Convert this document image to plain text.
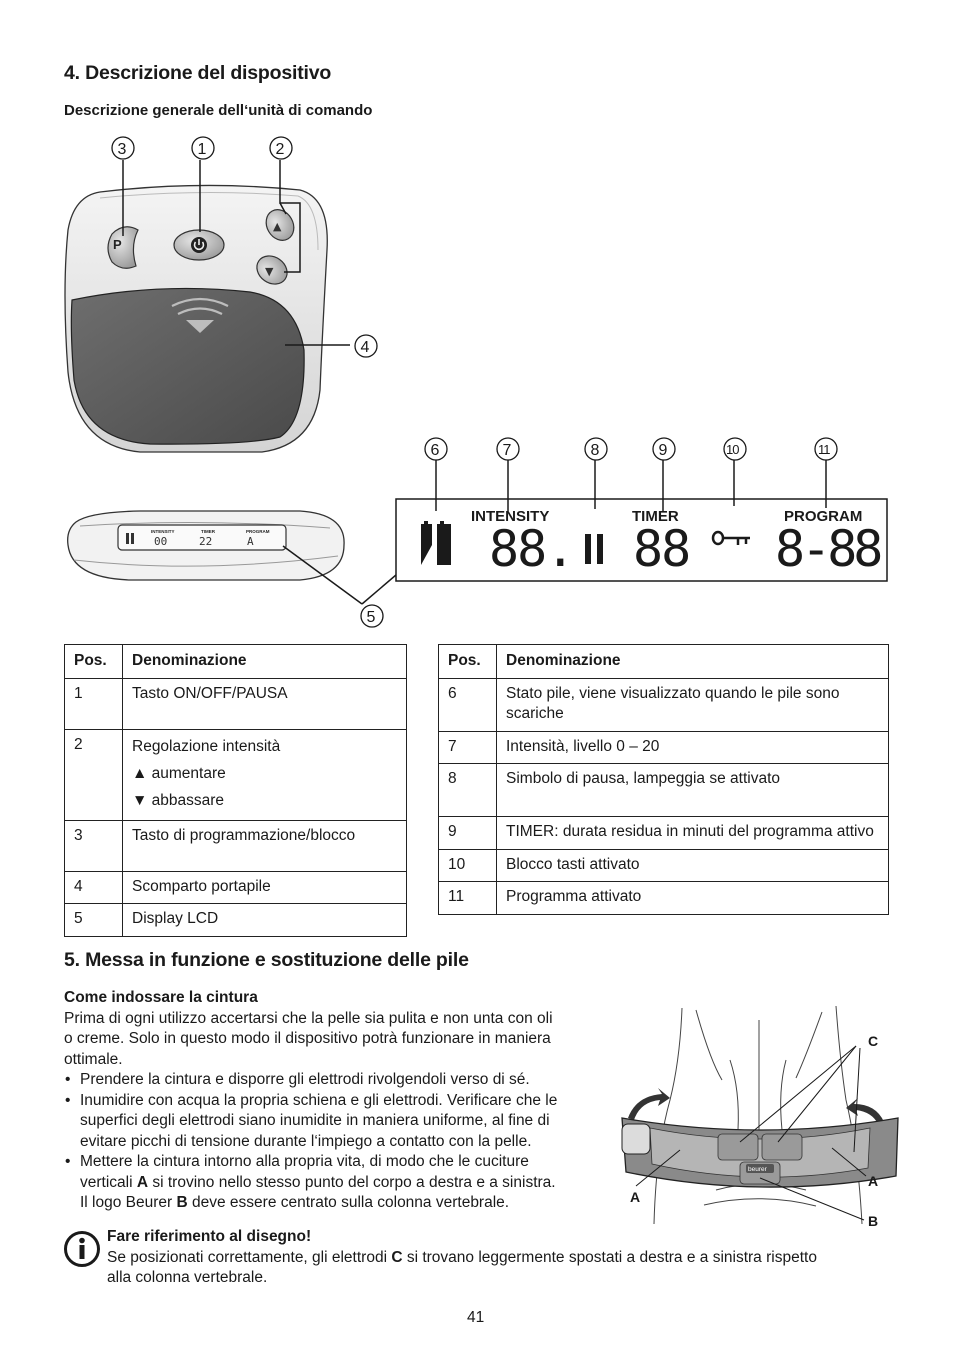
4. Descrizione del dispositivo
Descrizione generale dell‘unità di comando
P
▲
▼
3	1	2
4
INTENSITY	TIMER	PROGRAM
00	22	A
5
INTENSITY	TIMER	PROGRAM
88. 88 8-88
6	7	8	9	10	11
Pos.	Denominazione
1	Tasto ON/OFF/PAUSA
2	Regolazione intensità
▲ aumentare
▼ abbassare

3	Tasto di programmazione/blocco
4	Scomparto portapile
5	Display LCD
Pos.	Denominazione
6	Stato pile, viene visualizzato quando le pile sono scariche
7	Intensità, livello 0 – 20
8	Simbolo di pausa, lampeggia se attivato
9	TIMER: durata residua in minuti del programma attivo
10	Blocco tasti attivato
11	Programma attivato
5. Messa in funzione e sostituzione delle pile

Come indossare la cintura

Prima di ogni utilizzo accertarsi che la pelle sia pulita e non unta con oli

o creme. Solo in questo modo il dispositivo potrà funzionare in maniera

ottimale.

• Prendere la cintura e disporre gli elettrodi rivolgendoli verso di sé.
• Inumidire con acqua la propria schiena e gli elettrodi. Verificare che le
superfici degli elettrodi siano inumidite in maniera uniforme, al fine di
evitare picchi di tensione durante l‘impiego a contatto con la pelle.
• Mettere la cintura intorno alla propria vita, di modo che le cuciture
verticali A si trovino nello stesso punto del corpo a destra e a sinistra.
Il logo Beurer B deve essere centrato sulla colonna vertebrale.
beurer
C
A
A
B

Fare riferimento al disegno!

Se posizionati correttamente, gli elettrodi C si trovano leggermente spostati a destra e a sinistra rispetto

alla colonna vertebrale.

41
